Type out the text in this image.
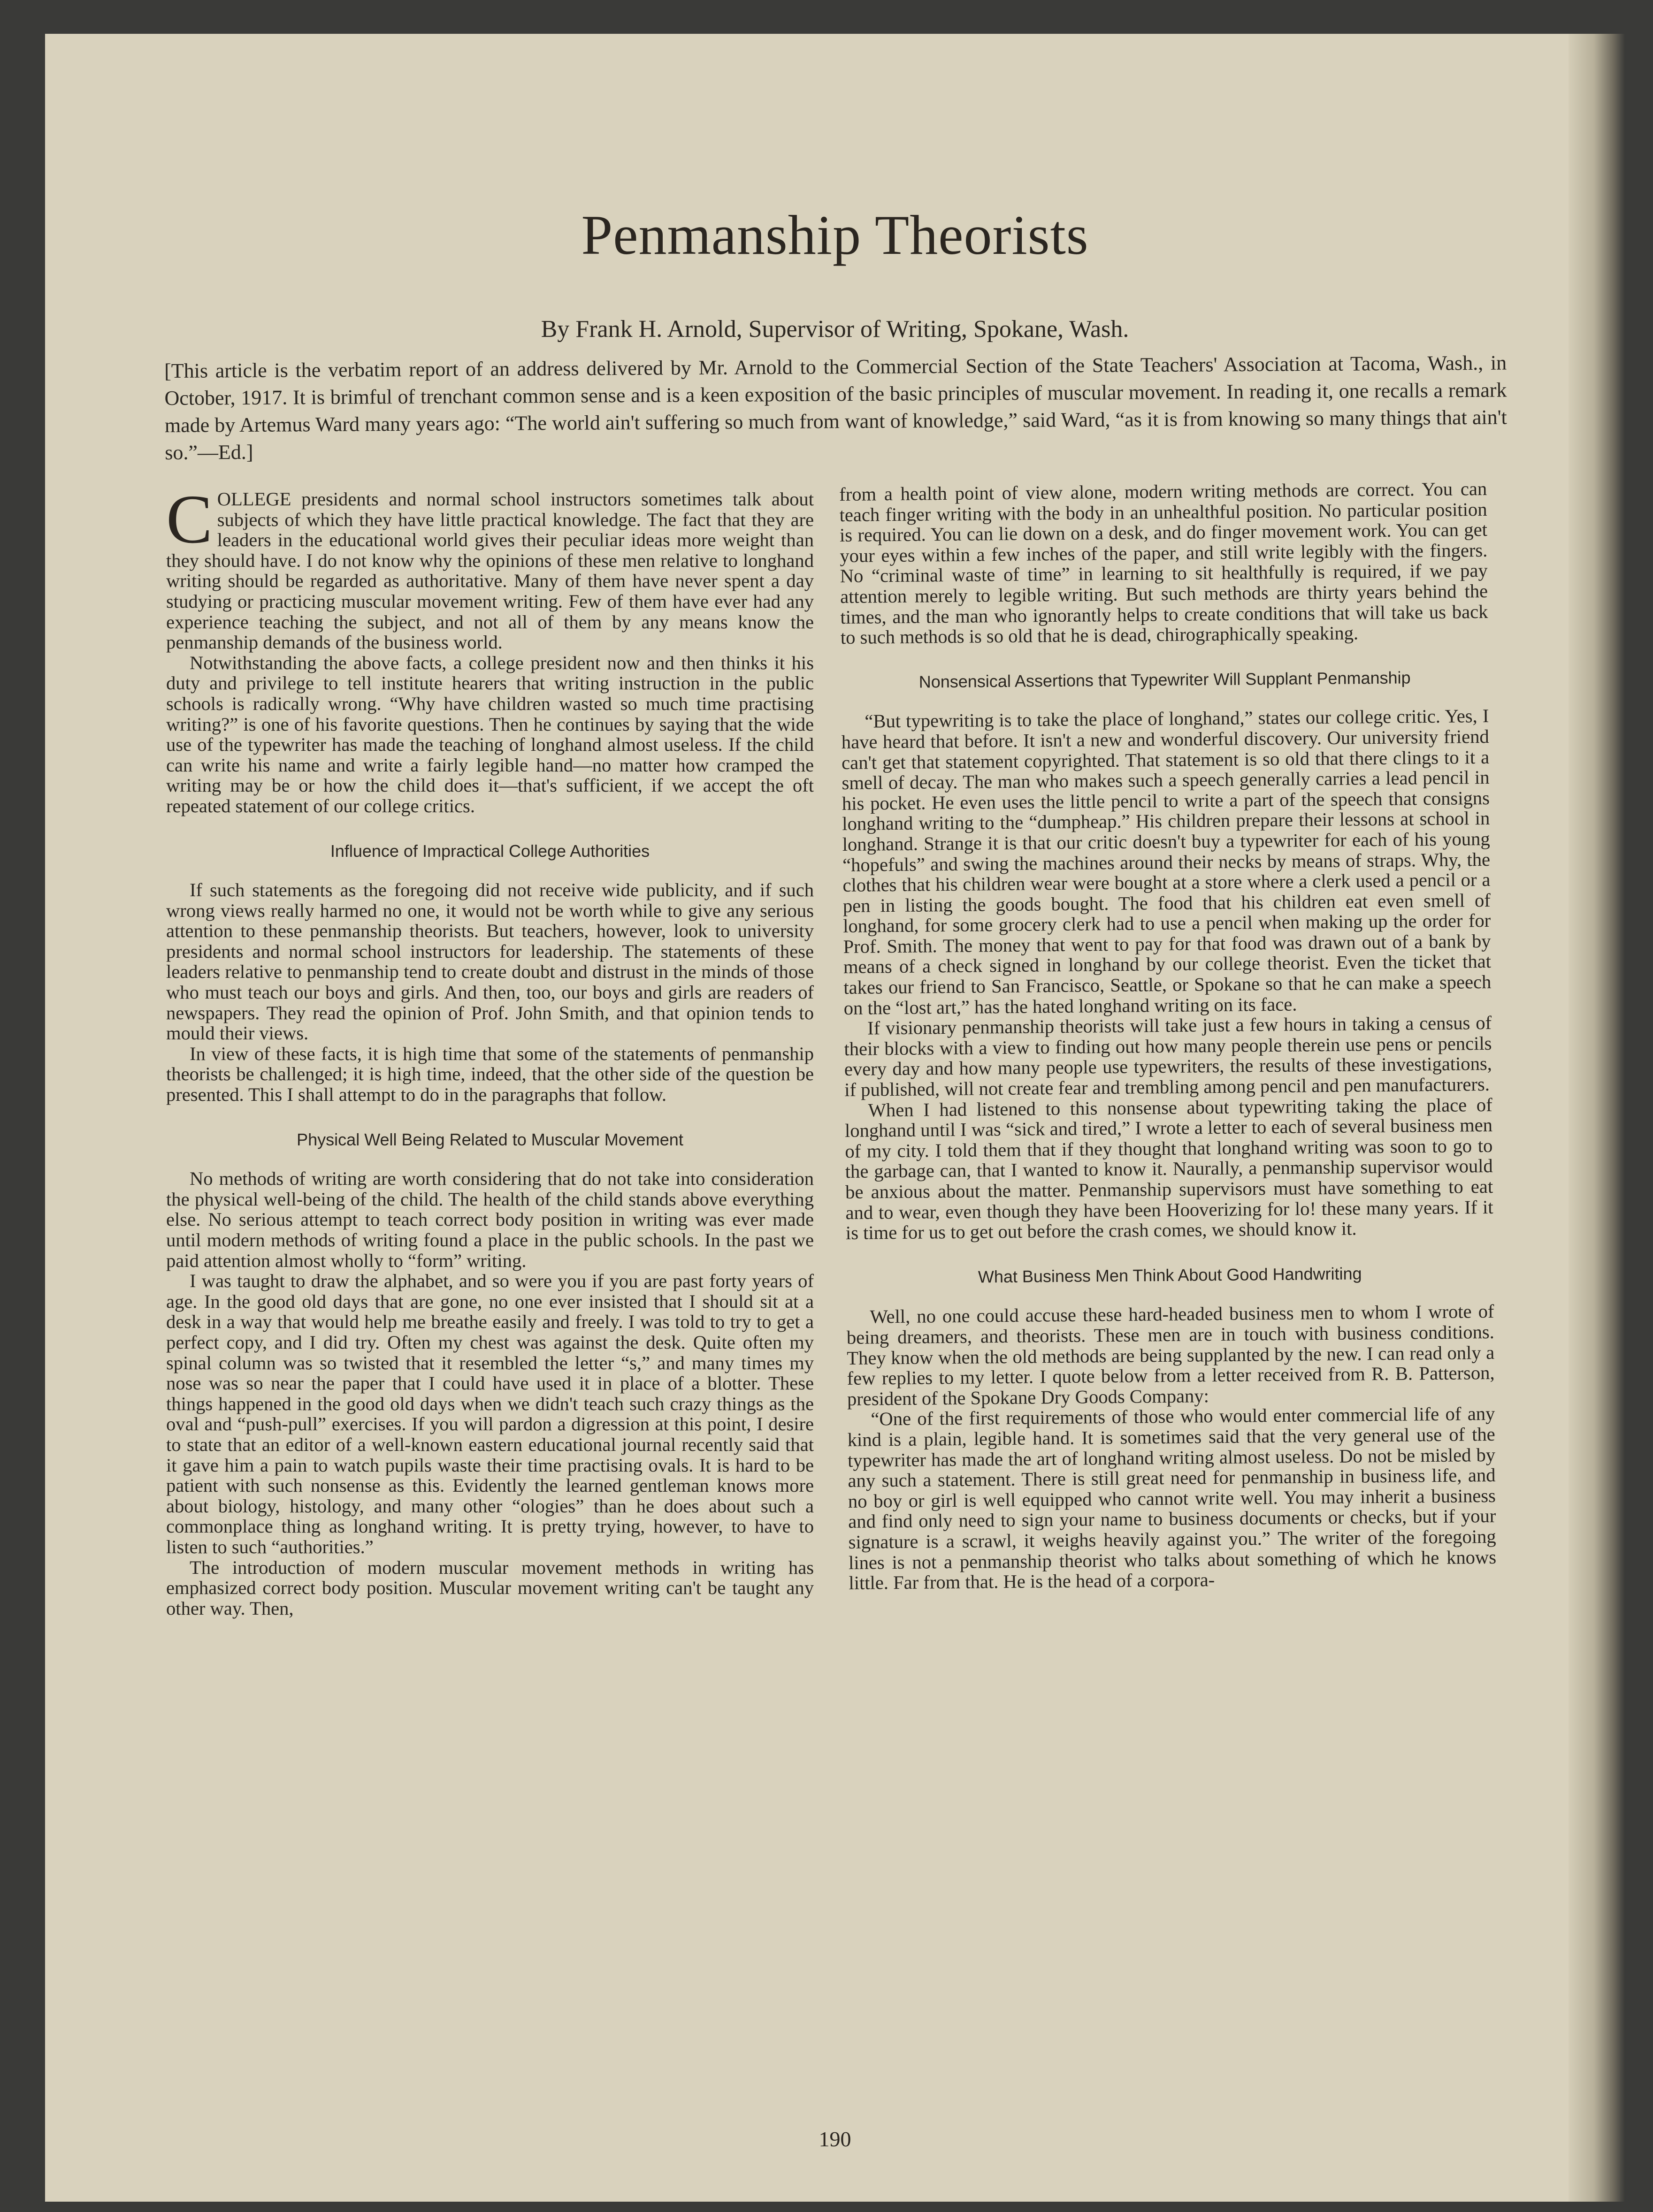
Penmanship Theorists
By Frank H. Arnold, Supervisor of Writing, Spokane, Wash.
[This article is the verbatim report of an address delivered by Mr. Arnold to the Commercial Section of the State Teachers' Association at Tacoma, Wash., in October, 1917. It is brimful of trenchant common sense and is a keen exposition of the basic principles of muscular movement. In reading it, one recalls a remark made by Artemus Ward many years ago: “The world ain't suffering so much from want of knowledge,” said Ward, “as it is from knowing so many things that ain't so.”—Ed.]

COLLEGE presidents and normal school instructors sometimes talk about subjects of which they have little practical knowledge. The fact that they are leaders in the educational world gives their peculiar ideas more weight than they should have. I do not know why the opinions of these men relative to longhand writing should be regarded as authoritative. Many of them have never spent a day studying or practicing muscular movement writing. Few of them have ever had any experience teaching the subject, and not all of them by any means know the penmanship demands of the business world.

Notwithstanding the above facts, a college president now and then thinks it his duty and privilege to tell institute hearers that writing instruction in the public schools is radically wrong. “Why have children wasted so much time practising writing?” is one of his favorite questions. Then he continues by saying that the wide use of the typewriter has made the teaching of longhand almost useless. If the child can write his name and write a fairly legible hand—no matter how cramped the writing may be or how the child does it—that's sufficient, if we accept the oft repeated statement of our college critics.

Influence of Impractical College Authorities

If such statements as the foregoing did not receive wide publicity, and if such wrong views really harmed no one, it would not be worth while to give any serious attention to these penmanship theorists. But teachers, however, look to university presidents and normal school instructors for leadership. The statements of these leaders relative to penmanship tend to create doubt and distrust in the minds of those who must teach our boys and girls. And then, too, our boys and girls are readers of newspapers. They read the opinion of Prof. John Smith, and that opinion tends to mould their views.

In view of these facts, it is high time that some of the statements of penmanship theorists be challenged; it is high time, indeed, that the other side of the question be presented. This I shall attempt to do in the paragraphs that follow.

Physical Well Being Related to Muscular Movement

No methods of writing are worth considering that do not take into consideration the physical well-being of the child. The health of the child stands above everything else. No serious attempt to teach correct body position in writing was ever made until modern methods of writing found a place in the public schools. In the past we paid attention almost wholly to “form” writing.

I was taught to draw the alphabet, and so were you if you are past forty years of age. In the good old days that are gone, no one ever insisted that I should sit at a desk in a way that would help me breathe easily and freely. I was told to try to get a perfect copy, and I did try. Often my chest was against the desk. Quite often my spinal column was so twisted that it resembled the letter “s,” and many times my nose was so near the paper that I could have used it in place of a blotter. These things happened in the good old days when we didn't teach such crazy things as the oval and “push-pull” exercises. If you will pardon a digression at this point, I desire to state that an editor of a well-known eastern educational journal recently said that it gave him a pain to watch pupils waste their time practising ovals. It is hard to be patient with such nonsense as this. Evidently the learned gentleman knows more about biology, histology, and many other “ologies” than he does about such a commonplace thing as longhand writing. It is pretty trying, however, to have to listen to such “authorities.”

The introduction of modern muscular movement methods in writing has emphasized correct body position. Muscular movement writing can't be taught any other way. Then,

from a health point of view alone, modern writing methods are correct. You can teach finger writing with the body in an unhealthful position. No particular position is required. You can lie down on a desk, and do finger movement work. You can get your eyes within a few inches of the paper, and still write legibly with the fingers. No “criminal waste of time” in learning to sit healthfully is required, if we pay attention merely to legible writing. But such methods are thirty years behind the times, and the man who ignorantly helps to create conditions that will take us back to such methods is so old that he is dead, chirographically speaking.

Nonsensical Assertions that Typewriter Will Supplant Penmanship

“But typewriting is to take the place of longhand,” states our college critic. Yes, I have heard that before. It isn't a new and wonderful discovery. Our university friend can't get that statement copyrighted. That statement is so old that there clings to it a smell of decay. The man who makes such a speech generally carries a lead pencil in his pocket. He even uses the little pencil to write a part of the speech that consigns longhand writing to the “dumpheap.” His children prepare their lessons at school in longhand. Strange it is that our critic doesn't buy a typewriter for each of his young “hopefuls” and swing the machines around their necks by means of straps. Why, the clothes that his children wear were bought at a store where a clerk used a pencil or a pen in listing the goods bought. The food that his children eat even smell of longhand, for some grocery clerk had to use a pencil when making up the order for Prof. Smith. The money that went to pay for that food was drawn out of a bank by means of a check signed in longhand by our college theorist. Even the ticket that takes our friend to San Francisco, Seattle, or Spokane so that he can make a speech on the “lost art,” has the hated longhand writing on its face.

If visionary penmanship theorists will take just a few hours in taking a census of their blocks with a view to finding out how many people therein use pens or pencils every day and how many people use typewriters, the results of these investigations, if published, will not create fear and trembling among pencil and pen manufacturers.

When I had listened to this nonsense about typewriting taking the place of longhand until I was “sick and tired,” I wrote a letter to each of several business men of my city. I told them that if they thought that longhand writing was soon to go to the garbage can, that I wanted to know it. Naurally, a penmanship supervisor would be anxious about the matter. Penmanship supervisors must have something to eat and to wear, even though they have been Hooverizing for lo! these many years. If it is time for us to get out before the crash comes, we should know it.

What Business Men Think About Good Handwriting

Well, no one could accuse these hard-headed business men to whom I wrote of being dreamers, and theorists. These men are in touch with business conditions. They know when the old methods are being supplanted by the new. I can read only a few replies to my letter. I quote below from a letter received from R. B. Patterson, president of the Spokane Dry Goods Company:

“One of the first requirements of those who would enter commercial life of any kind is a plain, legible hand. It is sometimes said that the very general use of the typewriter has made the art of longhand writing almost useless. Do not be misled by any such a statement. There is still great need for penmanship in business life, and no boy or girl is well equipped who cannot write well. You may inherit a business and find only need to sign your name to business documents or checks, but if your signature is a scrawl, it weighs heavily against you.” The writer of the foregoing lines is not a penmanship theorist who talks about something of which he knows little. Far from that. He is the head of a corpora-

190
